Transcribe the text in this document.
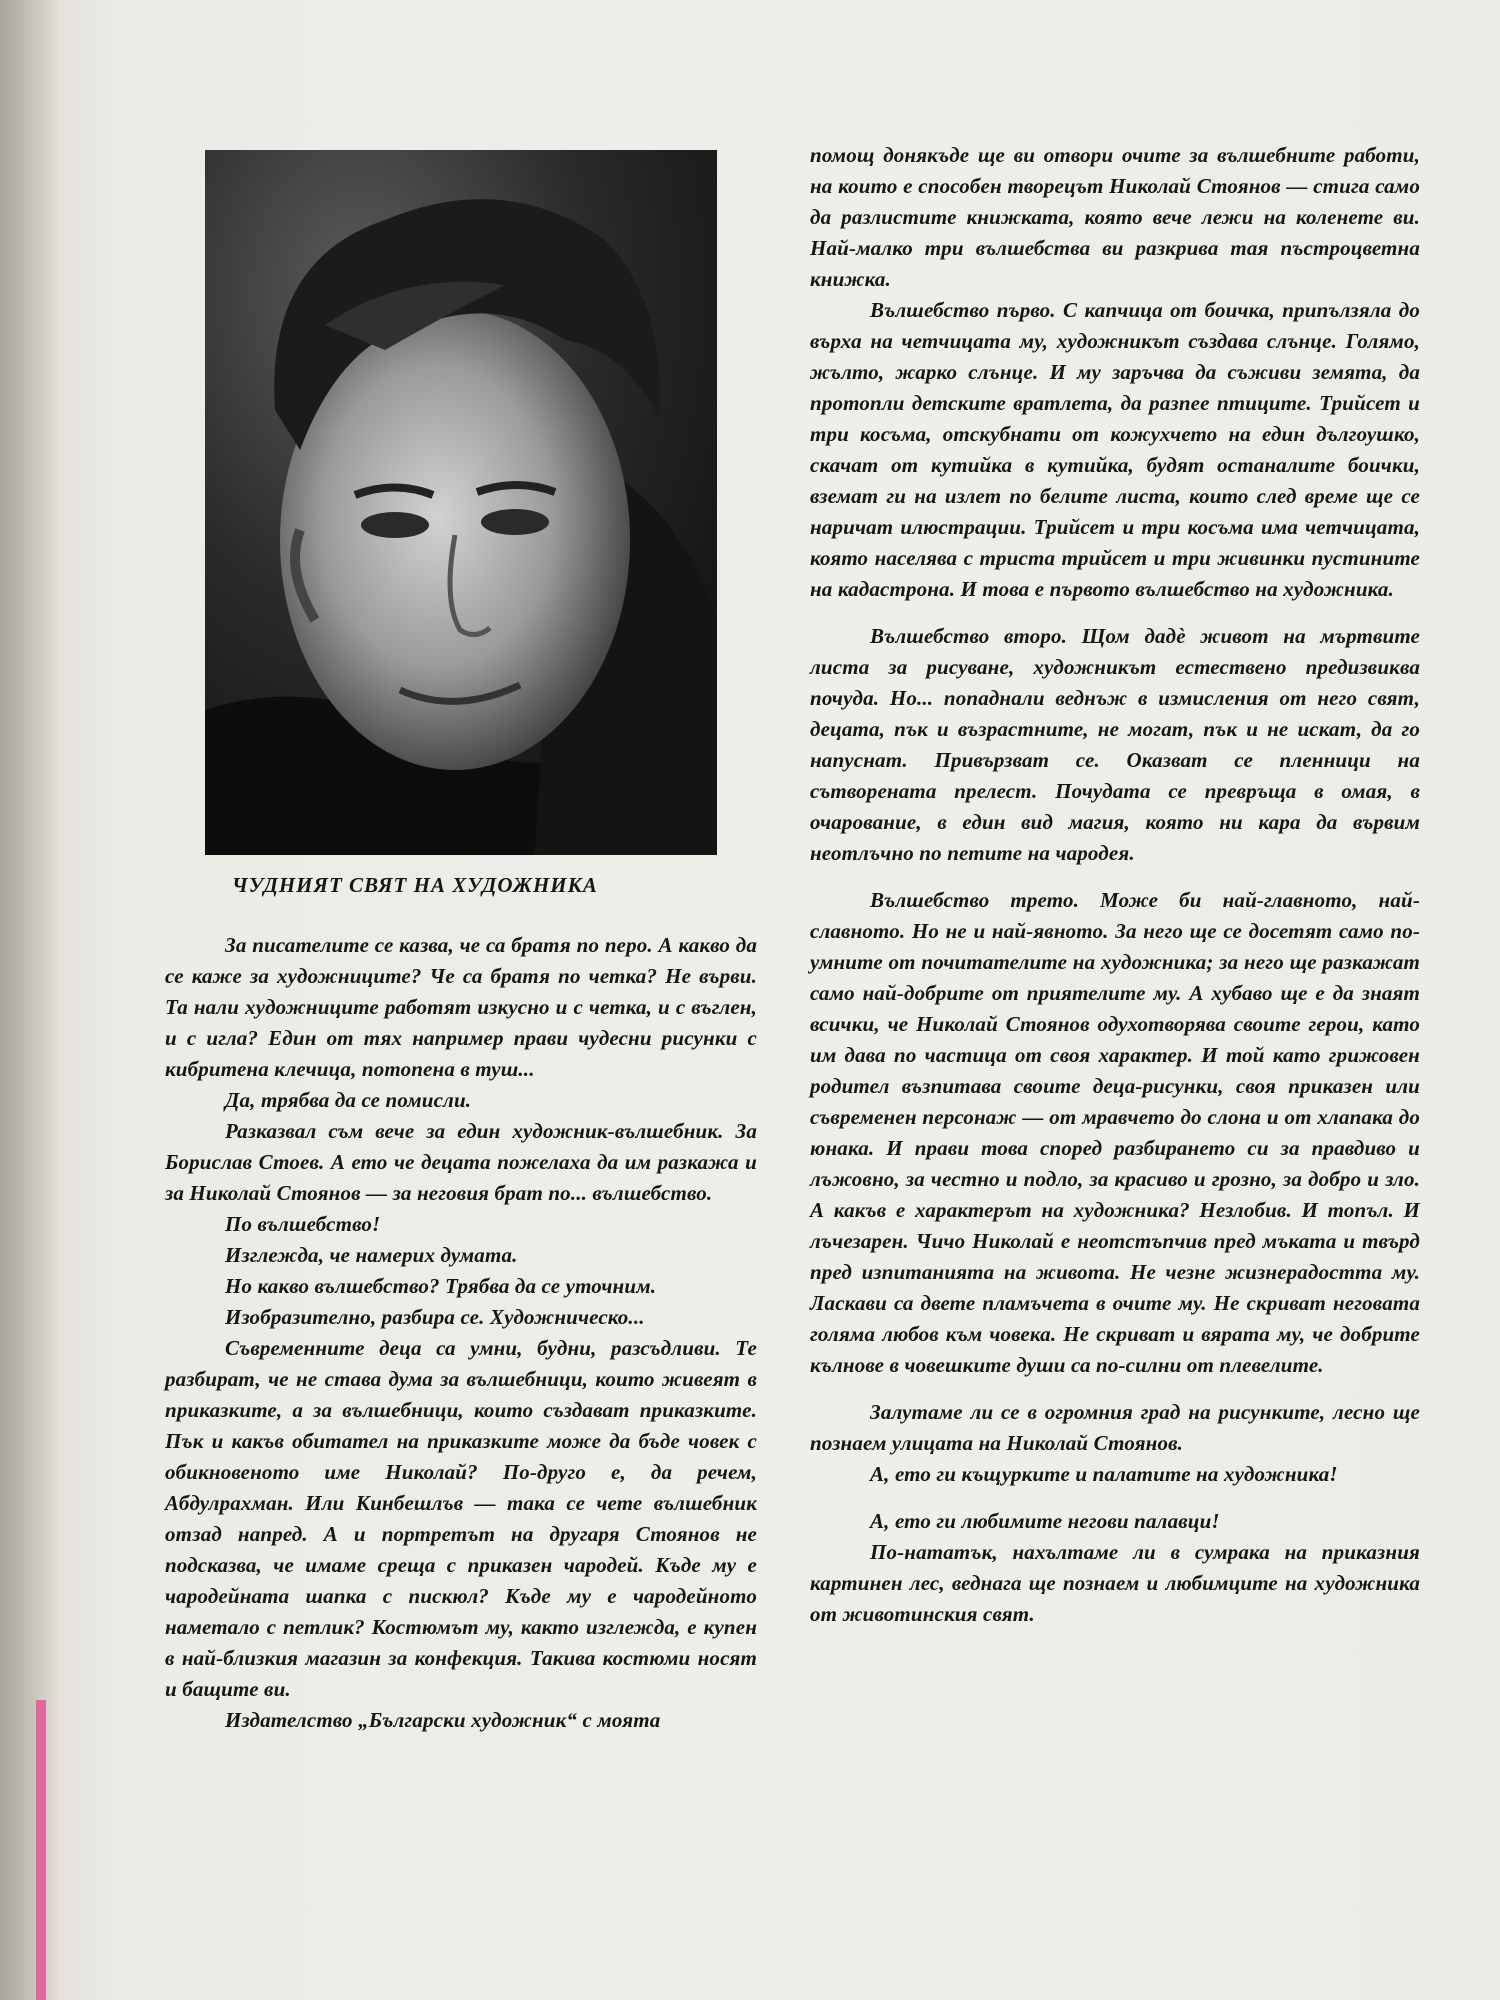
ЧУДНИЯТ СВЯТ НА ХУДОЖНИКА

За писателите се казва, че са братя по перо. А какво да се каже за художниците? Че са братя по четка? Не върви. Та нали художниците работят изкусно и с четка, и с въглен, и с игла? Един от тях например прави чудесни рисунки с кибритена клечица, потопена в туш...

Да, трябва да се помисли.

Разказвал съм вече за един художник-вълшебник. За Борислав Стоев. А ето че децата пожелаха да им разкажа и за Николай Стоянов — за неговия брат по... вълшебство.

По вълшебство!

Изглежда, че намерих думата.

Но какво вълшебство? Трябва да се уточним.

Изобразително, разбира се. Художническо...

Съвременните деца са умни, будни, разсъдливи. Те разбират, че не става дума за вълшебници, които живеят в приказките, а за вълшебници, които създават приказките. Пък и какъв обитател на приказките може да бъде човек с обикновеното име Николай? По-друго е, да речем, Абдулрахман. Или Кинбешлъв — така се чете вълшебник отзад напред. А и портретът на другаря Стоянов не подсказва, че имаме среща с приказен чародей. Къде му е чародейната шапка с пискюл? Къде му е чародейното наметало с петлик? Костюмът му, както изглежда, е купен в най-близкия магазин за конфекция. Такива костюми носят и бащите ви.

Издателство „Български художник“ с моята

помощ донякъде ще ви отвори очите за вълшебните работи, на които е способен творецът Николай Стоянов — стига само да разлистите книжката, която вече лежи на коленете ви. Най-малко три вълшебства ви разкрива тая пъстроцветна книжка.

Вълшебство първо. С капчица от боичка, припълзяла до върха на четчицата му, художникът създава слънце. Голямо, жълто, жарко слънце. И му заръчва да съживи земята, да протопли детските вратлета, да разпее птиците. Трийсет и три косъма, отскубнати от кожухчето на един дългоушко, скачат от кутийка в кутийка, будят останалите боички, вземат ги на излет по белите листа, които след време ще се наричат илюстрации. Трийсет и три косъма има четчицата, която населява с триста трийсет и три живинки пустините на кадастрона. И това е първото вълшебство на художника.

Вълшебство второ. Щом дадѐ живот на мъртвите листа за рисуване, художникът естествено предизвиква почуда. Но... попаднали веднъж в измисления от него свят, децата, пък и възрастните, не могат, пък и не искат, да го напуснат. Привързват се. Оказват се пленници на сътворената прелест. Почудата се превръща в омая, в очарование, в един вид магия, която ни кара да вървим неотлъчно по петите на чародея.

Вълшебство трето. Може би най-главното, най-славното. Но не и най-явното. За него ще се досетят само по-умните от почитателите на художника; за него ще разкажат само най-добрите от приятелите му. А хубаво ще е да знаят всички, че Николай Стоянов одухотворява своите герои, като им дава по частица от своя характер. И той като грижовен родител възпитава своите деца-рисунки, своя приказен или съвременен персонаж — от мравчето до слона и от хлапака до юнака. И прави това според разбирането си за правдиво и лъжовно, за честно и подло, за красиво и грозно, за добро и зло. А какъв е характерът на художника? Незлобив. И топъл. И лъчезарен. Чичо Николай е неотстъпчив пред мъката и твърд пред изпитанията на живота. Не чезне жизнерадостта му. Ласкави са двете пламъчета в очите му. Не скриват неговата голяма любов към човека. Не скриват и вярата му, че добрите кълнове в човешките души са по-силни от плевелите.

Залутаме ли се в огромния град на рисунките, лесно ще познаем улицата на Николай Стоянов.

А, ето ги къщурките и палатите на художника!

А, ето ги любимите негови палавци!

По-нататък, нахълтаме ли в сумрака на приказния картинен лес, веднага ще познаем и любимците на художника от животинския свят.
